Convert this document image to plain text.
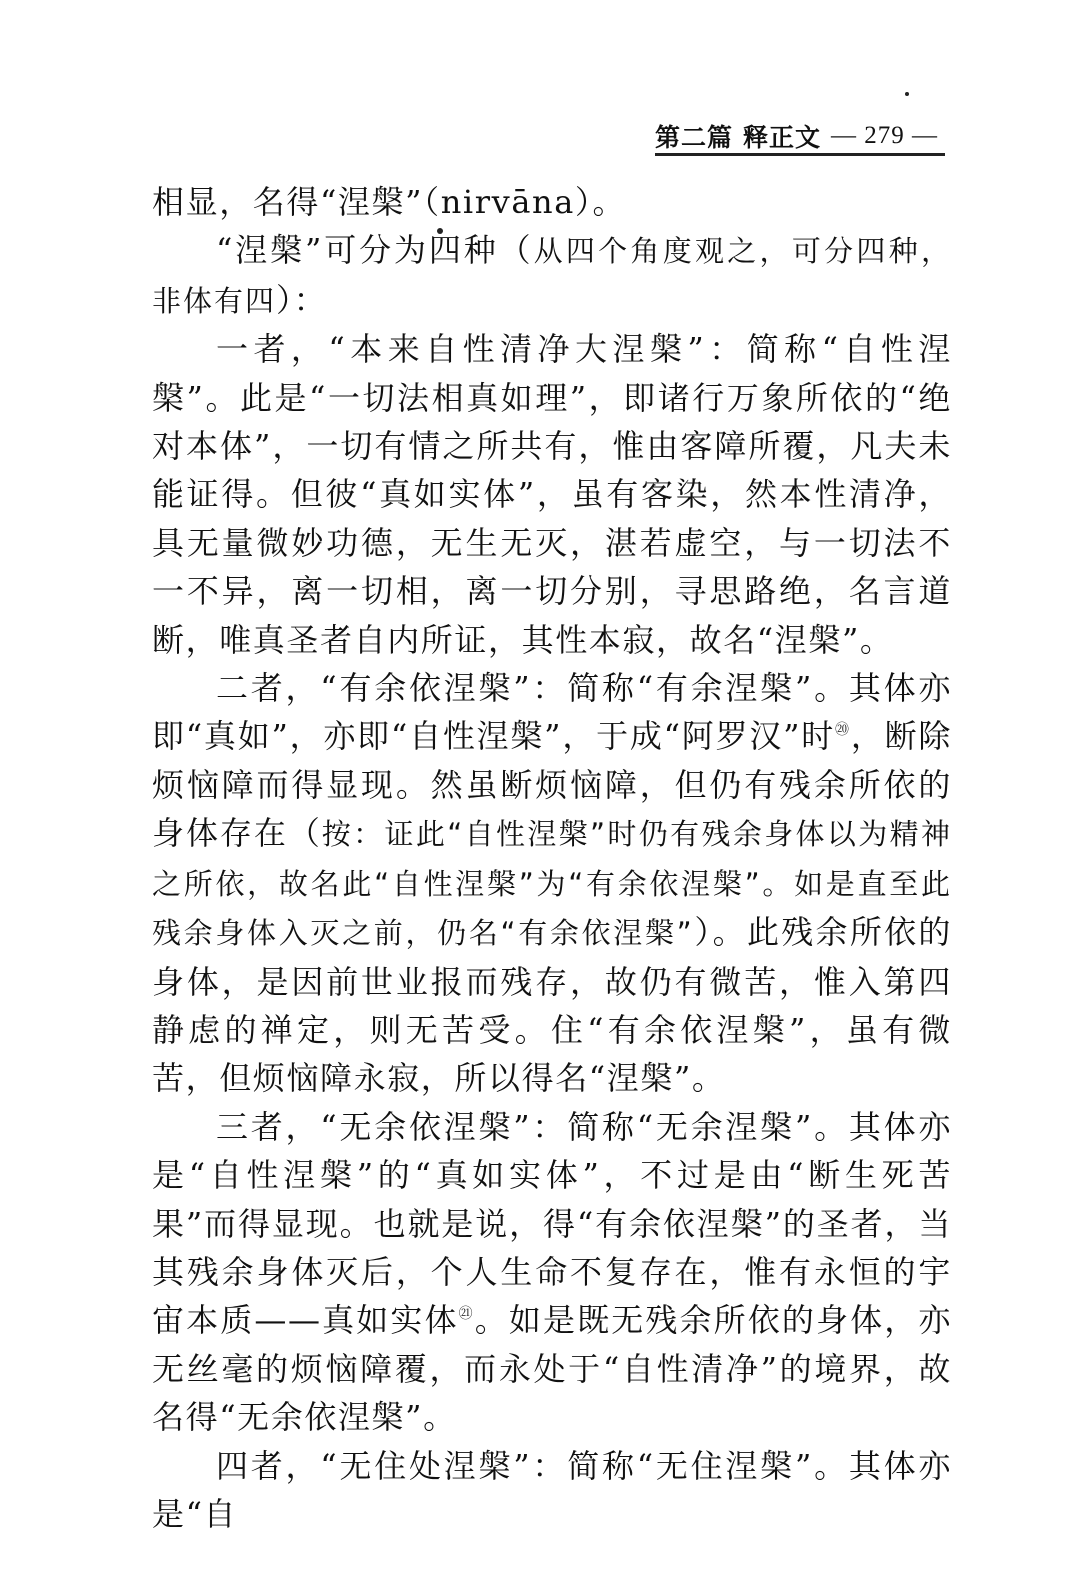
第二篇 释正文 — 279 —

相显，名得“涅槃”（nirvāna）。

“涅槃”可分为四种（从四个角度观之，可分四种，非体有四）：

一者，“本来自性清净大涅槃”：简称“自性涅槃”。此是“一切法相真如理”，即诸行万象所依的“绝对本体”，一切有情之所共有，惟由客障所覆，凡夫未能证得。但彼“真如实体”，虽有客染，然本性清净，具无量微妙功德，无生无灭，湛若虚空，与一切法不一不异，离一切相，离一切分别，寻思路绝，名言道断，唯真圣者自内所证，其性本寂，故名“涅槃”。

二者，“有余依涅槃”：简称“有余涅槃”。其体亦即“真如”，亦即“自性涅槃”，于成“阿罗汉”时⑳，断除烦恼障而得显现。然虽断烦恼障，但仍有残余所依的身体存在（按：证此“自性涅槃”时仍有残余身体以为精神之所依，故名此“自性涅槃”为“有余依涅槃”。如是直至此残余身体入灭之前，仍名“有余依涅槃”）。此残余所依的身体，是因前世业报而残存，故仍有微苦，惟入第四静虑的禅定，则无苦受。住“有余依涅槃”，虽有微苦，但烦恼障永寂，所以得名“涅槃”。

三者，“无余依涅槃”：简称“无余涅槃”。其体亦是“自性涅槃”的“真如实体”，不过是由“断生死苦果”而得显现。也就是说，得“有余依涅槃”的圣者，当其残余身体灭后，个人生命不复存在，惟有永恒的宇宙本质——真如实体$^㉑$。如是既无残余所依的身体，亦无丝毫的烦恼障覆，而永处于“自性清净”的境界，故名得“无余依涅槃”。

四者，“无住处涅槃”：简称“无住涅槃”。其体亦是“自
